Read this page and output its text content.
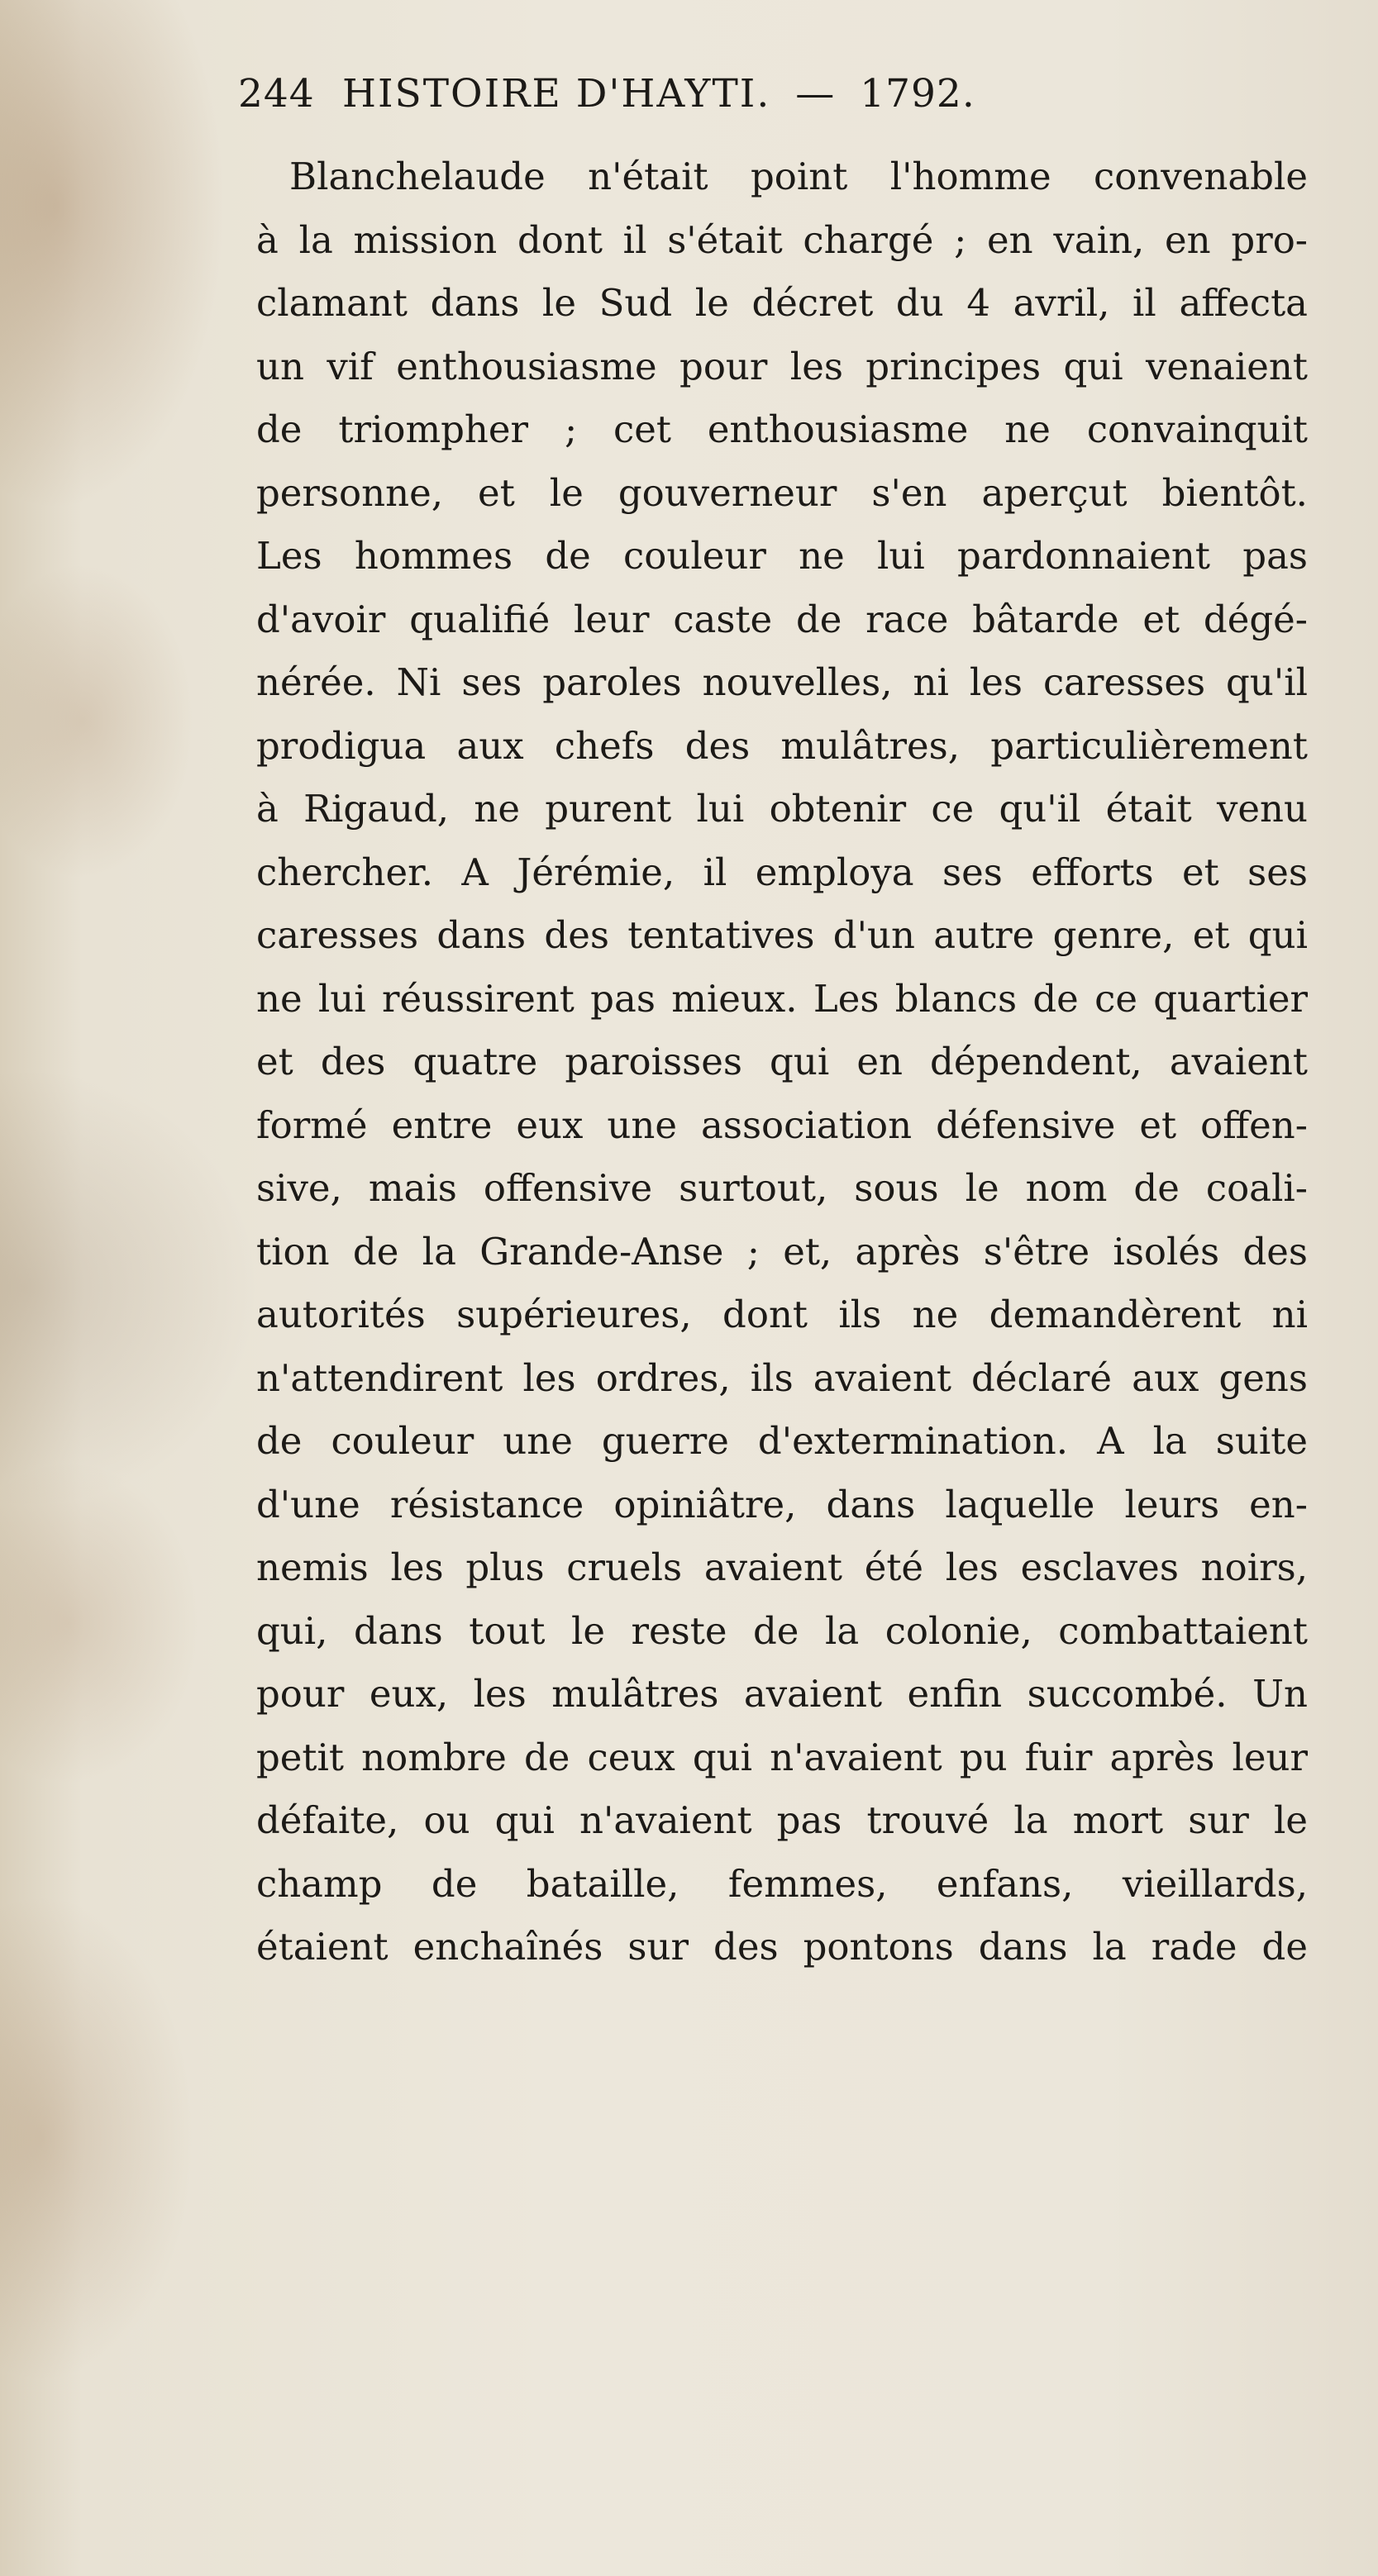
244 HISTOIRE D'HAYTI. — 1792.
Blanchelaude n'était point l'homme convenable
à la mission dont il s'était chargé ; en vain, en pro-
clamant dans le Sud le décret du 4 avril, il affecta
un vif enthousiasme pour les principes qui venaient
de triompher ; cet enthousiasme ne convainquit
personne, et le gouverneur s'en aperçut bientôt.
Les hommes de couleur ne lui pardonnaient pas
d'avoir qualifié leur caste de race bâtarde et dégé-
nérée. Ni ses paroles nouvelles, ni les caresses qu'il
prodigua aux chefs des mulâtres, particulièrement
à Rigaud, ne purent lui obtenir ce qu'il était venu
chercher. A Jérémie, il employa ses efforts et ses
caresses dans des tentatives d'un autre genre, et qui
ne lui réussirent pas mieux. Les blancs de ce quartier
et des quatre paroisses qui en dépendent, avaient
formé entre eux une association défensive et offen-
sive, mais offensive surtout, sous le nom de coali-
tion de la Grande-Anse ; et, après s'être isolés des
autorités supérieures, dont ils ne demandèrent ni
n'attendirent les ordres, ils avaient déclaré aux gens
de couleur une guerre d'extermination. A la suite
d'une résistance opiniâtre, dans laquelle leurs en-
nemis les plus cruels avaient été les esclaves noirs,
qui, dans tout le reste de la colonie, combattaient
pour eux, les mulâtres avaient enfin succombé. Un
petit nombre de ceux qui n'avaient pu fuir après leur
défaite, ou qui n'avaient pas trouvé la mort sur le
champ de bataille, femmes, enfans, vieillards,
étaient enchaînés sur des pontons dans la rade de
